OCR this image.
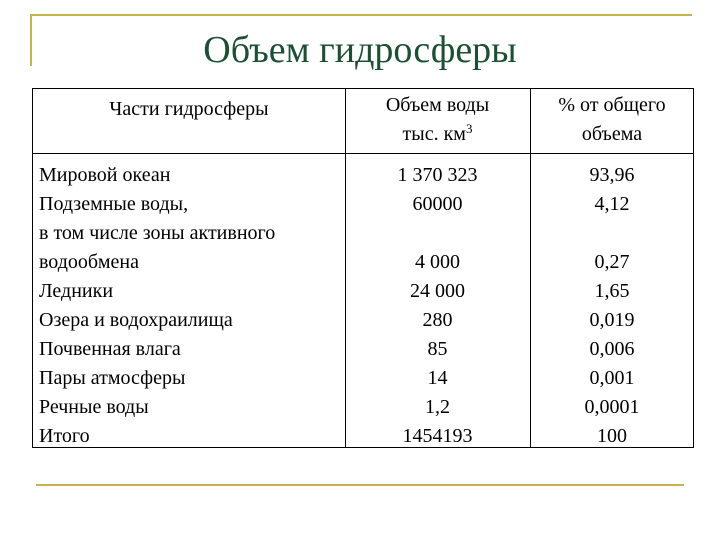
Объем гидросферы
Части гидросферы	Объем воды
тыс. $км^3$
% от общего
объема
Мировой океан
Подземные воды,
в том числе зоны активного
водообмена
Ледники
Озера и водохраилища
Почвенная влага
Пары атмосферы
Речные воды
Итого
1 370 323
60000
4 000
24 000
280
85
14
1,2
1454193
93,96
4,12
0,27
1,65
0,019
0,006
0,001
0,0001
100
